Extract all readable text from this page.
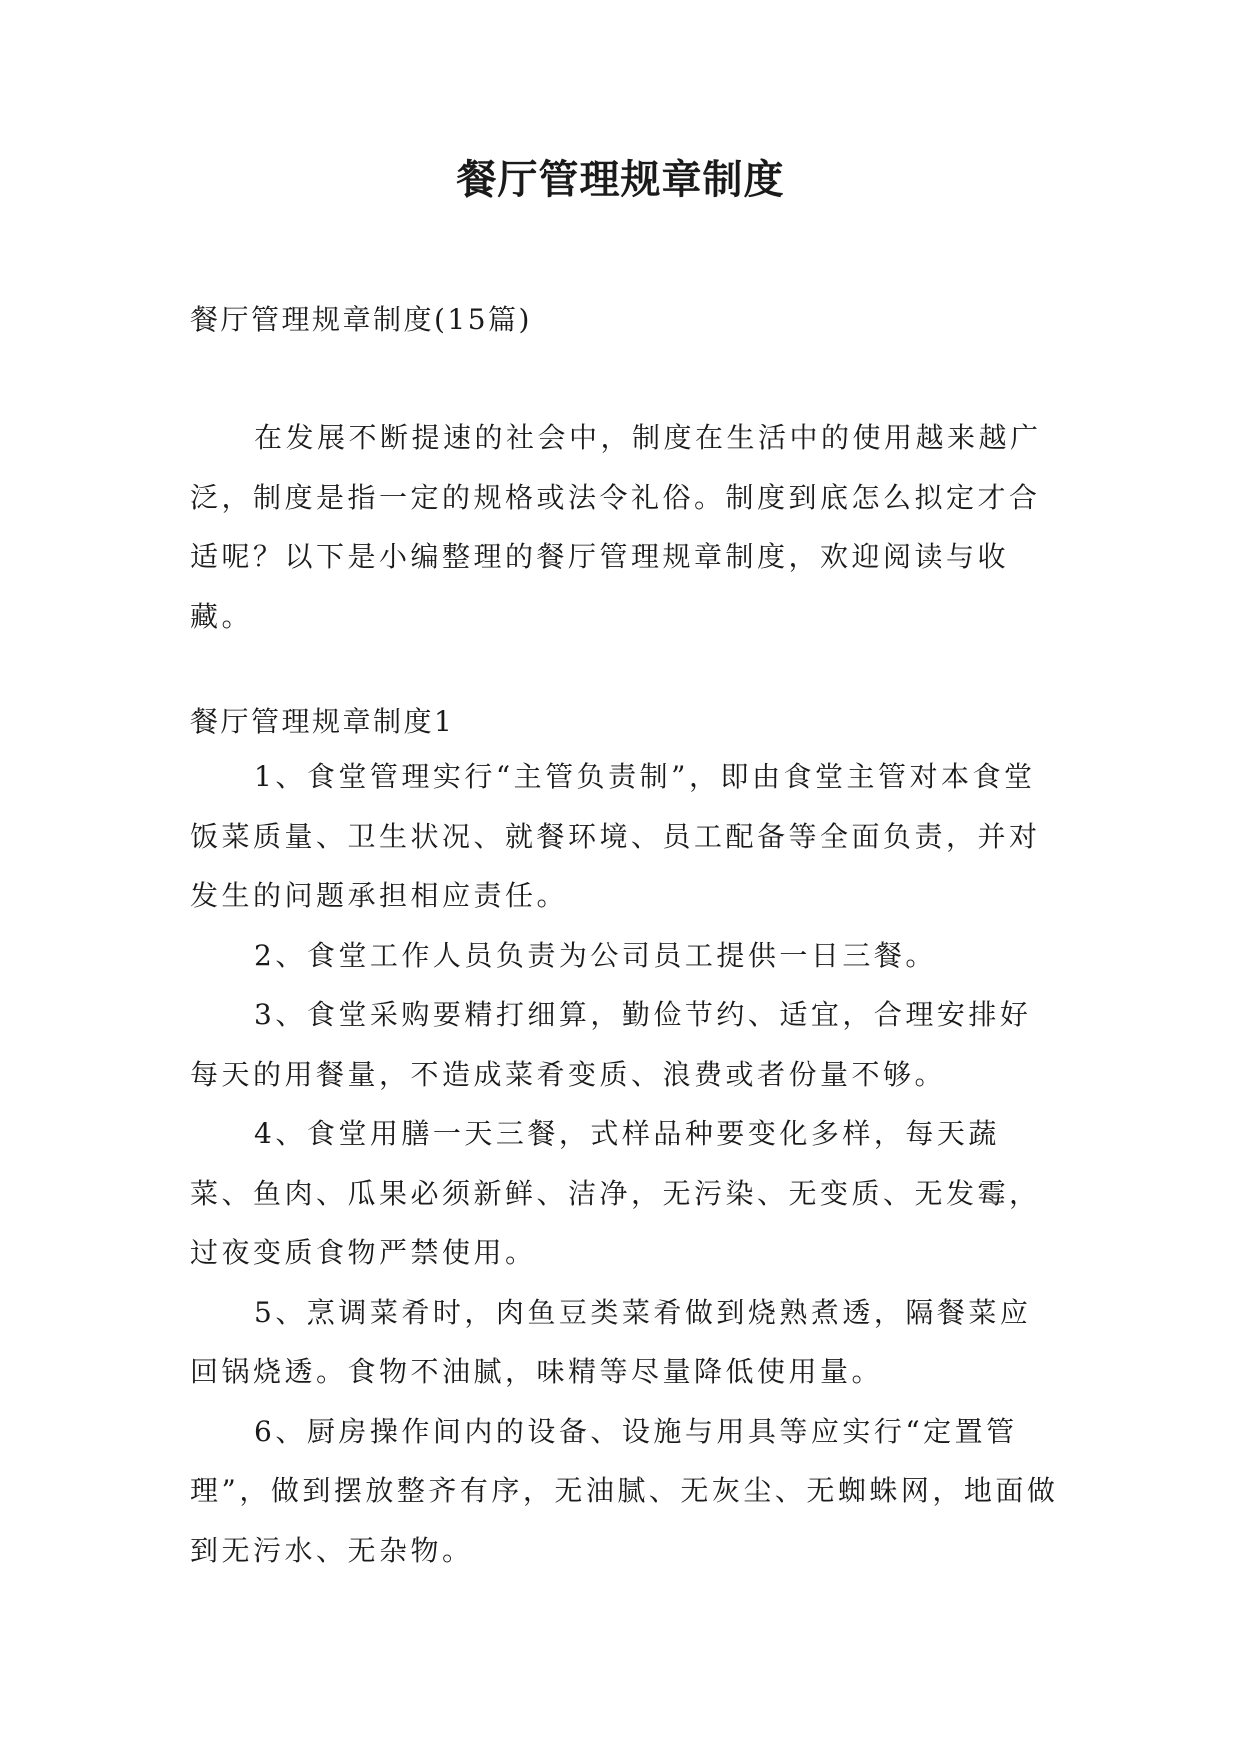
餐厅管理规章制度

餐厅管理规章制度(15篇)

在发展不断提速的社会中，制度在生活中的使用越来越广泛，制度是指一定的规格或法令礼俗。制度到底怎么拟定才合适呢？以下是小编整理的餐厅管理规章制度，欢迎阅读与收藏。

餐厅管理规章制度1

1、食堂管理实行“主管负责制”，即由食堂主管对本食堂饭菜质量、卫生状况、就餐环境、员工配备等全面负责，并对发生的问题承担相应责任。

2、食堂工作人员负责为公司员工提供一日三餐。

3、食堂采购要精打细算，勤俭节约、适宜，合理安排好每天的用餐量，不造成菜肴变质、浪费或者份量不够。

4、食堂用膳一天三餐，式样品种要变化多样，每天蔬菜、鱼肉、瓜果必须新鲜、洁净，无污染、无变质、无发霉，过夜变质食物严禁使用。

5、烹调菜肴时，肉鱼豆类菜肴做到烧熟煮透，隔餐菜应回锅烧透。食物不油腻，味精等尽量降低使用量。

6、厨房操作间内的设备、设施与用具等应实行“定置管理”，做到摆放整齐有序，无油腻、无灰尘、无蜘蛛网，地面做到无污水、无杂物。
